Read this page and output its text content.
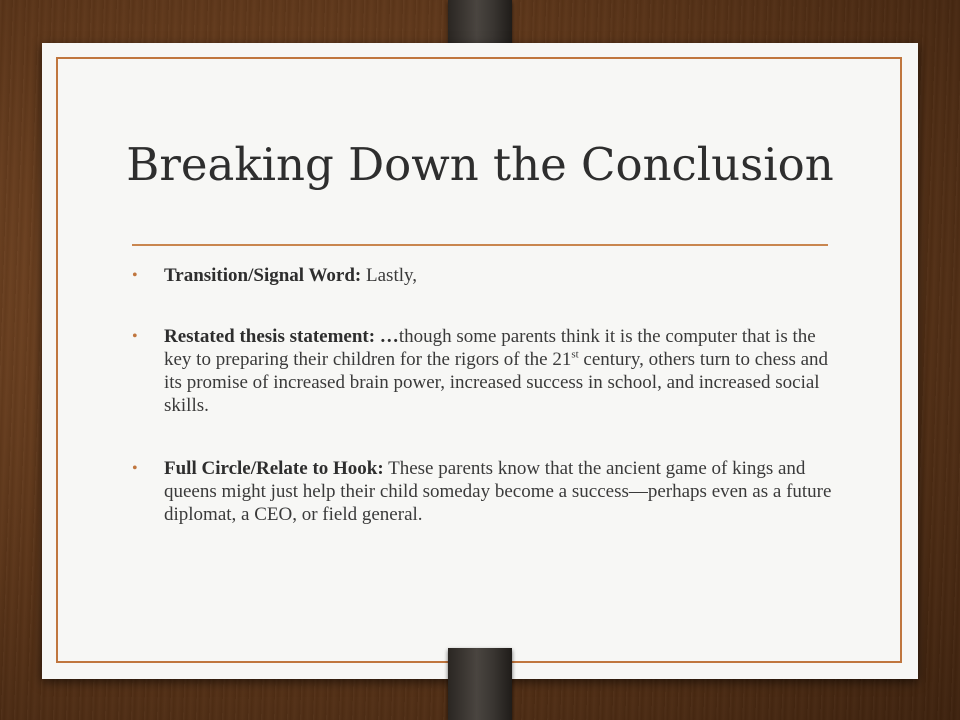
Breaking Down the Conclusion
• Transition/Signal Word: Lastly,
• Restated thesis statement: …though some parents think it is the computer that is the key to preparing their children for the rigors of the 21st century, others turn to chess and its promise of increased brain power, increased success in school, and increased social skills.
• Full Circle/Relate to Hook: These parents know that the ancient game of kings and queens might just help their child someday become a success—perhaps even as a future diplomat, a CEO, or field general.
